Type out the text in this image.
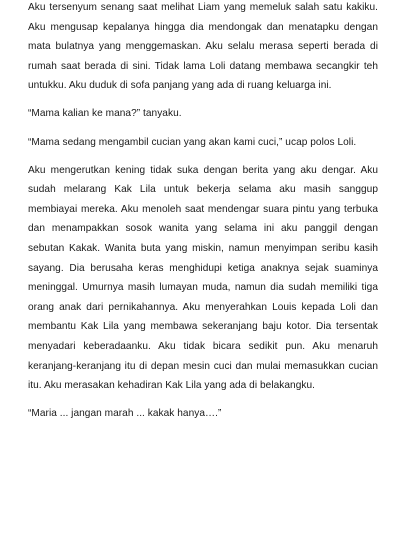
Aku tersenyum senang saat melihat Liam yang memeluk salah satu kakiku. Aku mengusap kepalanya hingga dia mendongak dan menatapku dengan mata bulatnya yang menggemaskan. Aku selalu merasa seperti berada di rumah saat berada di sini. Tidak lama Loli datang membawa secangkir teh untukku. Aku duduk di sofa panjang yang ada di ruang keluarga ini.

“Mama kalian ke mana?” tanyaku.

“Mama sedang mengambil cucian yang akan kami cuci,” ucap polos Loli.

Aku mengerutkan kening tidak suka dengan berita yang aku dengar. Aku sudah melarang Kak Lila untuk bekerja selama aku masih sanggup membiayai mereka. Aku menoleh saat mendengar suara pintu yang terbuka dan menampakkan sosok wanita yang selama ini aku panggil dengan sebutan Kakak. Wanita buta yang miskin, namun menyimpan seribu kasih sayang. Dia berusaha keras menghidupi ketiga anaknya sejak suaminya meninggal. Umurnya masih lumayan muda, namun dia sudah memiliki tiga orang anak dari pernikahannya. Aku menyerahkan Louis kepada Loli dan membantu Kak Lila yang membawa sekeranjang baju kotor. Dia tersentak menyadari keberadaanku. Aku tidak bicara sedikit pun. Aku menaruh keranjang-keranjang itu di depan mesin cuci dan mulai memasukkan cucian itu. Aku merasakan kehadiran Kak Lila yang ada di belakangku.

“Maria ... jangan marah ... kakak hanya….”
